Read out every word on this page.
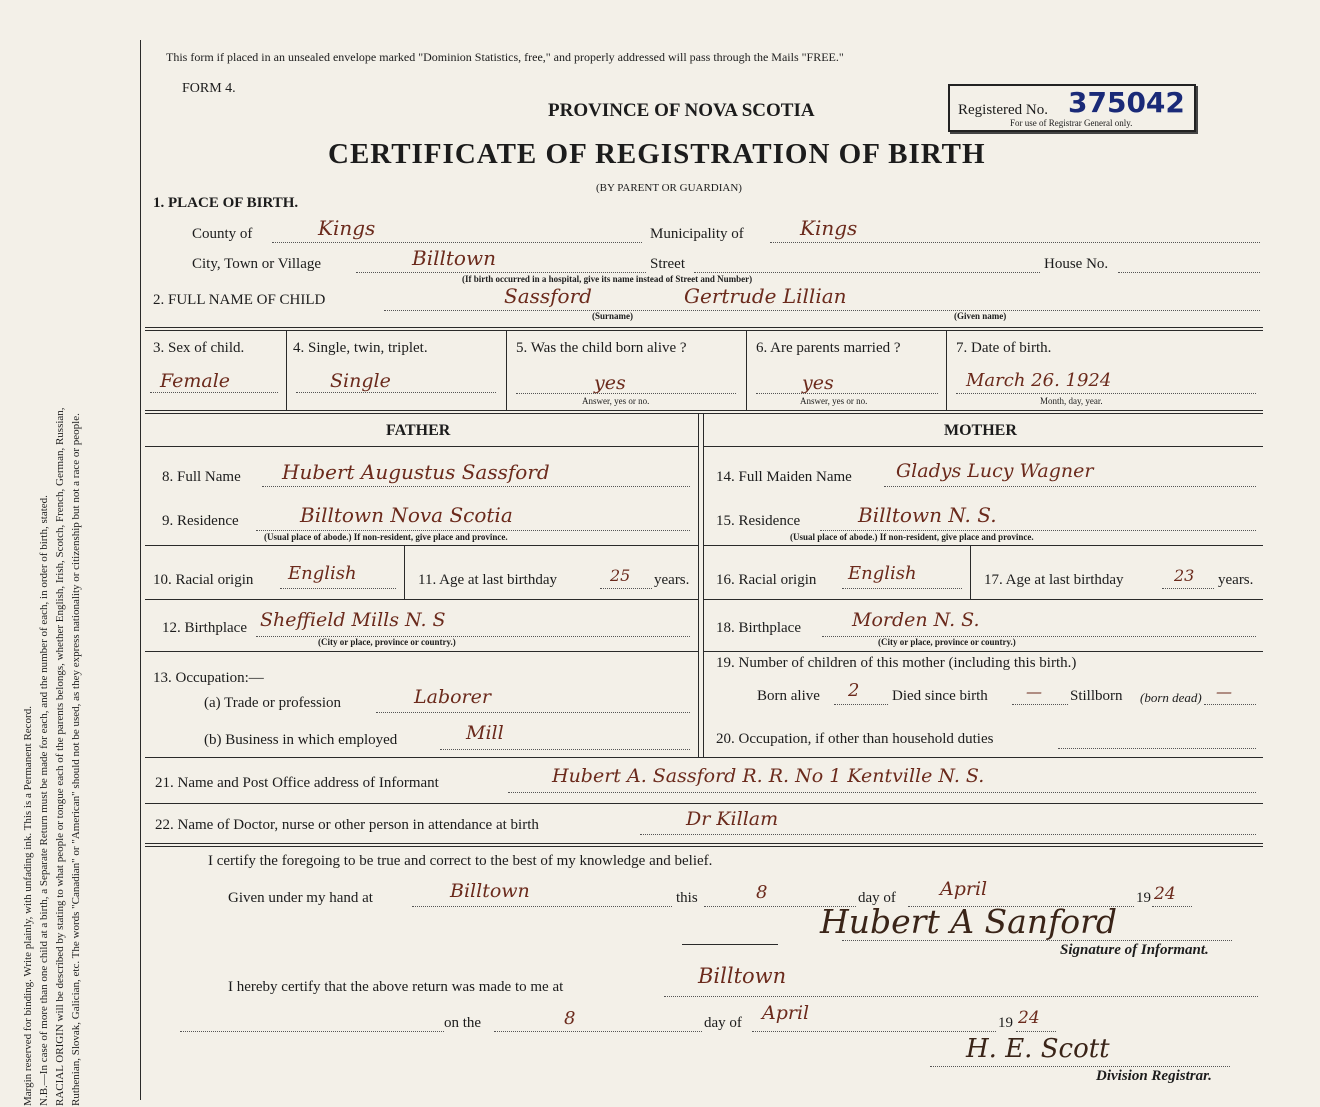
Margin reserved for binding. Write plainly, with unfading ink. This is a Permanent Record. N.B.—In case of more than one child at a birth, a Separate Return must be made for each, and the number of each, in order of birth, stated. RACIAL ORIGIN will be described by stating to what people or tongue each of the parents belongs, whether English, Irish, Scotch, French, German, Russian, Ruthenian, Slovak, Galician, etc. The words "Canadian" or "American" should not be used, as they express nationality or citizenship but not a race or people.
This form if placed in an unsealed envelope marked "Dominion Statistics, free," and properly addressed will pass through the Mails "FREE."
FORM 4.
PROVINCE OF NOVA SCOTIA	Registered No. 375042
For use of Registrar General only.
CERTIFICATE OF REGISTRATION OF BIRTH
(BY PARENT OR GUARDIAN)
1. PLACE OF BIRTH.
County of	Kings	Municipality of	Kings
City, Town or Village	Billtown	Street	House No.
(If birth occurred in a hospital, give its name instead of Street and Number)
2. FULL NAME OF CHILD	Sassford	Gertrude Lillian
(Surname)	(Given name)
3. Sex of child.
Female
4. Single, twin, triplet.
Single
5. Was the child born alive ?
yes
Answer, yes or no.
6. Are parents married ?
yes
Answer, yes or no.
7. Date of birth.
March 26. 1924
Month, day, year.
FATHER	MOTHER
8. Full Name Hubert Augustus Sassford
9. Residence	Billtown Nova Scotia
(Usual place of abode.) If non-resident, give place and province.
10. Racial origin English	11. Age at last birthday	25 years.
12. Birthplace Sheffield Mills N. S
(City or place, province or country.)
13. Occupation:—
(a) Trade or profession	Laborer
(b) Business in which employed	Mill
14. Full Maiden Name Gladys Lucy Wagner
15. Residence	Billtown N. S.
(Usual place of abode.) If non-resident, give place and province.
16. Racial origin English	17. Age at last birthday	23 years.
18. Birthplace	Morden N. S.
(City or place, province or country.)
19. Number of children of this mother (including this birth.)
Born alive 2 Died since birth — Stillborn (born dead) —
20. Occupation, if other than household duties
21. Name and Post Office address of Informant	Hubert A. Sassford R. R. No 1 Kentville N. S.
22. Name of Doctor, nurse or other person in attendance at birth	Dr Killam
I certify the foregoing to be true and correct to the best of my knowledge and belief.
Given under my hand at	Billtown	this	8	day of April	19 24
Hubert A Sanford
Signature of Informant.
I hereby certify that the above return was made to me at	Billtown
on the	8	day of April	19 24
H. E. Scott
Division Registrar.
